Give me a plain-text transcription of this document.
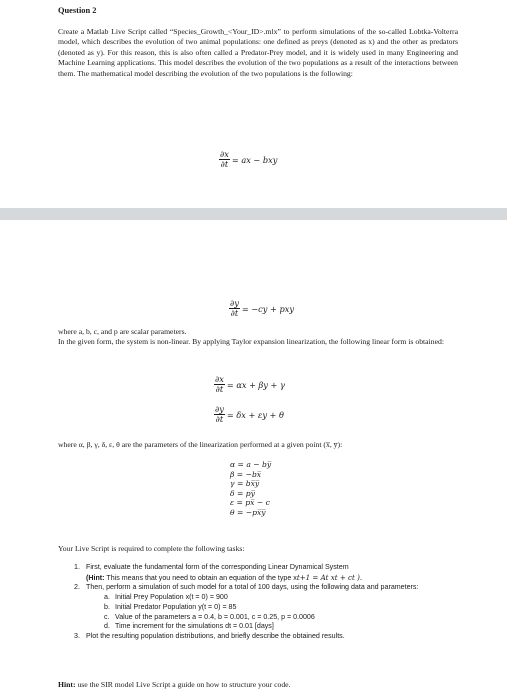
Question 2

Create a Matlab Live Script called “Species_Growth_<Your_ID>.mlx” to perform simulations of the so-called Lobtka-Volterra model, which describes the evolution of two animal populations: one defined as preys (denoted as x) and the other as predators (denoted as y). For this reason, this is also often called a Predator-Prey model, and it is widely used in many Engineering and Machine Learning applications. This model describes the evolution of the two populations as a result of the interactions between them. The mathematical model describing the evolution of the two populations is the following:

$\frac{\partial x}{\partial t}$ = ax − bxy
$\frac{\partial y}{\partial t} = -cy$ + pxy

where a, b, c, and p are scalar parameters.

In the given form, the system is non-linear. By applying Taylor expansion linearization, the following linear form is obtained:

$\frac{\partial x}{\partial t} = \alpha x + \beta y + \gamma$
$\frac{\partial y}{\partial t} = \delta x + \varepsilon y + \theta$

where α, β, γ, δ, ε, θ are the parameters of the linearization performed at a given point (x̅, y̅):

α = a − by̅
β = −bx̅
γ = bx̅y̅
δ = py̅
ε = px̅ − c
θ = −px̅y̅
Your Live Script is required to complete the following tasks:
1. First, evaluate the fundamental form of the corresponding Linear Dynamical System
(Hint: This means that you need to obtain an equation of the type xt+1 = At xt + ct ).
2. Then, perform a simulation of such model for a total of 100 days, using the following data and parameters:
a. Initial Prey Population x(t = 0) = 900
b. Initial Predator Population y(t = 0) = 85
c. Value of the parameters a = 0.4, b = 0.001, c = 0.25, p = 0.0006
d. Time increment for the simulations dt = 0.01 [days]
3. Plot the resulting population distributions, and briefly describe the obtained results.
Hint: use the SIR model Live Script a guide on how to structure your code.
